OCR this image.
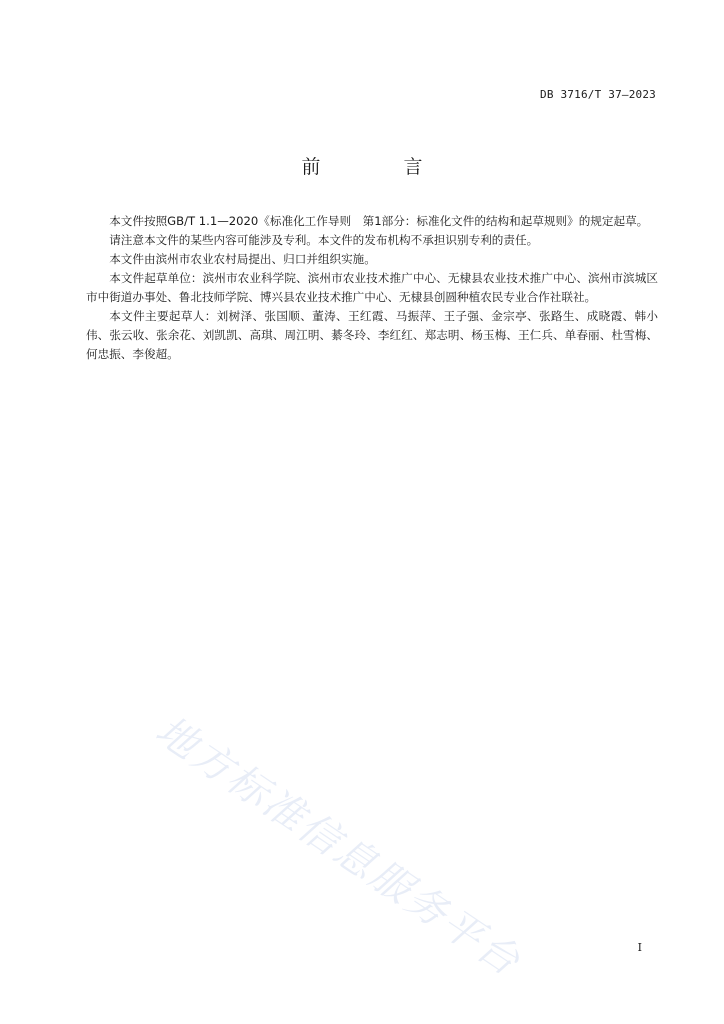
DB 3716/T 37—2023
前　言

本文件按照GB/T 1.1—2020《标准化工作导则　第1部分：标准化文件的结构和起草规则》的规定起草。

请注意本文件的某些内容可能涉及专利。本文件的发布机构不承担识别专利的责任。

本文件由滨州市农业农村局提出、归口并组织实施。

本文件起草单位：滨州市农业科学院、滨州市农业技术推广中心、无棣县农业技术推广中心、滨州市滨城区市中街道办事处、鲁北技师学院、博兴县农业技术推广中心、无棣县创圆种植农民专业合作社联社。

本文件主要起草人：刘树泽、张国顺、董涛、王红霞、马振萍、王子强、金宗亭、张路生、成晓霞、韩小伟、张云收、张余花、刘凯凯、高琪、周江明、綦冬玲、李红红、郑志明、杨玉梅、王仁兵、单春丽、杜雪梅、何忠振、李俊超。

地方标准信息服务平台	I
